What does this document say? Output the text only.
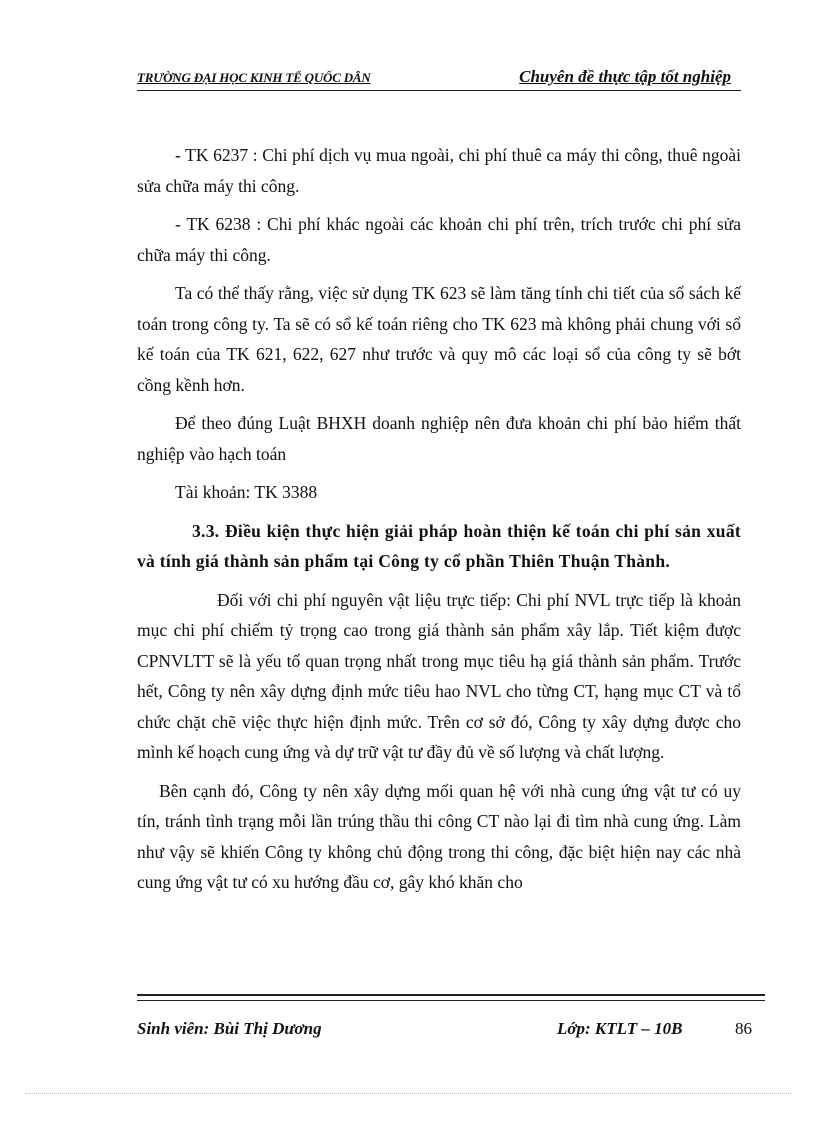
TRƯỜNG ĐẠI HỌC KINH TẾ QUỐC DÂN	Chuyên đề thực tập tốt nghiệp

- TK 6237 : Chi phí dịch vụ mua ngoài, chi phí thuê ca máy thi công, thuê ngoài sửa chữa máy thi công.

- TK 6238 : Chi phí khác ngoài các khoản chi phí trên, trích trước chi phí sửa chữa máy thi công.

Ta có thể thấy rằng, việc sử dụng TK 623 sẽ làm tăng tính chi tiết của sổ sách kế toán trong công ty. Ta sẽ có sổ kế toán riêng cho TK 623 mà không phải chung với sổ kế toán của TK 621, 622, 627 như trước và quy mô các loại sổ của công ty sẽ bớt cồng kềnh hơn.

Để theo đúng Luật BHXH doanh nghiệp nên đưa khoản chi phí bảo hiểm thất nghiệp vào hạch toán

Tài khoản: TK 3388

3.3. Điều kiện thực hiện giải pháp hoàn thiện kế toán chi phí sản xuất và tính giá thành sản phẩm tại Công ty cổ phần Thiên Thuận Thành.

Đối với chi phí nguyên vật liệu trực tiếp: Chi phí NVL trực tiếp là khoản mục chi phí chiếm tỷ trọng cao trong giá thành sản phẩm xây lắp. Tiết kiệm được CPNVLTT sẽ là yếu tố quan trọng nhất trong mục tiêu hạ giá thành sản phẩm. Trước hết, Công ty nên xây dựng định mức tiêu hao NVL cho từng CT, hạng mục CT và tổ chức chặt chẽ việc thực hiện định mức. Trên cơ sở đó, Công ty xây dựng được cho mình kế hoạch cung ứng và dự trữ vật tư đầy đủ về số lượng và chất lượng.

Bên cạnh đó, Công ty nên xây dựng mối quan hệ với nhà cung ứng vật tư có uy tín, tránh tình trạng mỗi lần trúng thầu thi công CT nào lại đi tìm nhà cung ứng. Làm như vậy sẽ khiến Công ty không chủ động trong thi công, đặc biệt hiện nay các nhà cung ứng vật tư có xu hướng đầu cơ, gây khó khăn cho

Sinh viên: Bùi Thị Dương	Lớp: KTLT – 10B	86
